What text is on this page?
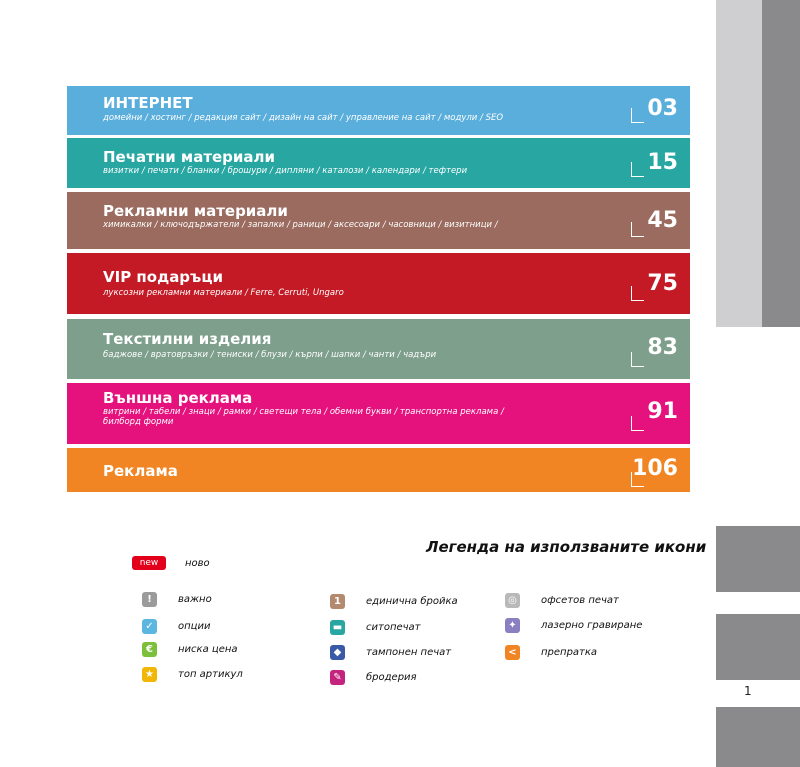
1
ИНТЕРНЕТ
домейни / хостинг / редакция сайт / дизайн на сайт / управление на сайт / модули / SEO	03
Печатни материали
визитки / печати / бланки / брошури / дипляни / каталози / календари / тефтери	15
Рекламни материали
химикалки / ключодържатели / запалки / раници / аксесоари / часовници / визитници /	45
VIP подаръци
луксозни рекламни материали / Ferre, Cerruti, Ungaro	75
Текстилни изделия
баджове / вратовръзки / тениски / блузи / кърпи / шапки / чанти / чадъри	83
Външна реклама
витрини / табели / знаци / рамки / светещи тела / обемни букви / транспортна реклама /
билборд форми	91
Реклама	106
Легенда на използваните икони
new	ново
!	важно
✓	опции
€	ниска цена
★	топ артикул
1	единична бройка
▬ ситопечат
◆	тампонен печат
✎	бродерия
◎	офсетов печат
✦	лазерно гравиране
<	препратка
